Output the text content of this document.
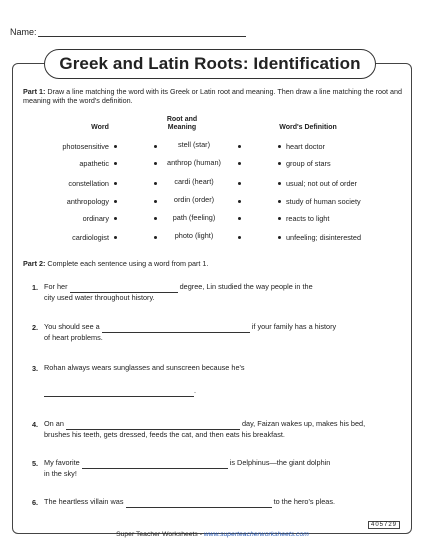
Name:
Greek and Latin Roots: Identification
Part 1: Draw a line matching the word with its Greek or Latin root and meaning. Then draw a line matching the root and meaning with the word's definition.
Word
Root and Meaning	Word's Definition
photosensitive
apathetic
constellation
anthropology
ordinary
cardiologist
stell (star)
anthrop (human)
cardi (heart)
ordin (order)
path (feeling)
photo (light)
heart doctor
group of stars
usual; not out of order
study of human society
reacts to light
unfeeling; disinterested
Part 2: Complete each sentence using a word from part 1.
1. For her	degree, Lin studied the way people in the
city used water throughout history.
2. You should see a	if your family has a history
of heart problems.
3. Rohan always wears sunglasses and sunscreen because he's
.
4. On an	day, Faizan wakes up, makes his bed,
brushes his teeth, gets dressed, feeds the cat, and then eats his breakfast.
5. My favorite	is Delphinus—the giant dolphin
in the sky!
6. The heartless villain was	to the hero's pleas.
405729
Super Teacher Worksheets - www.superteacherworksheets.com
